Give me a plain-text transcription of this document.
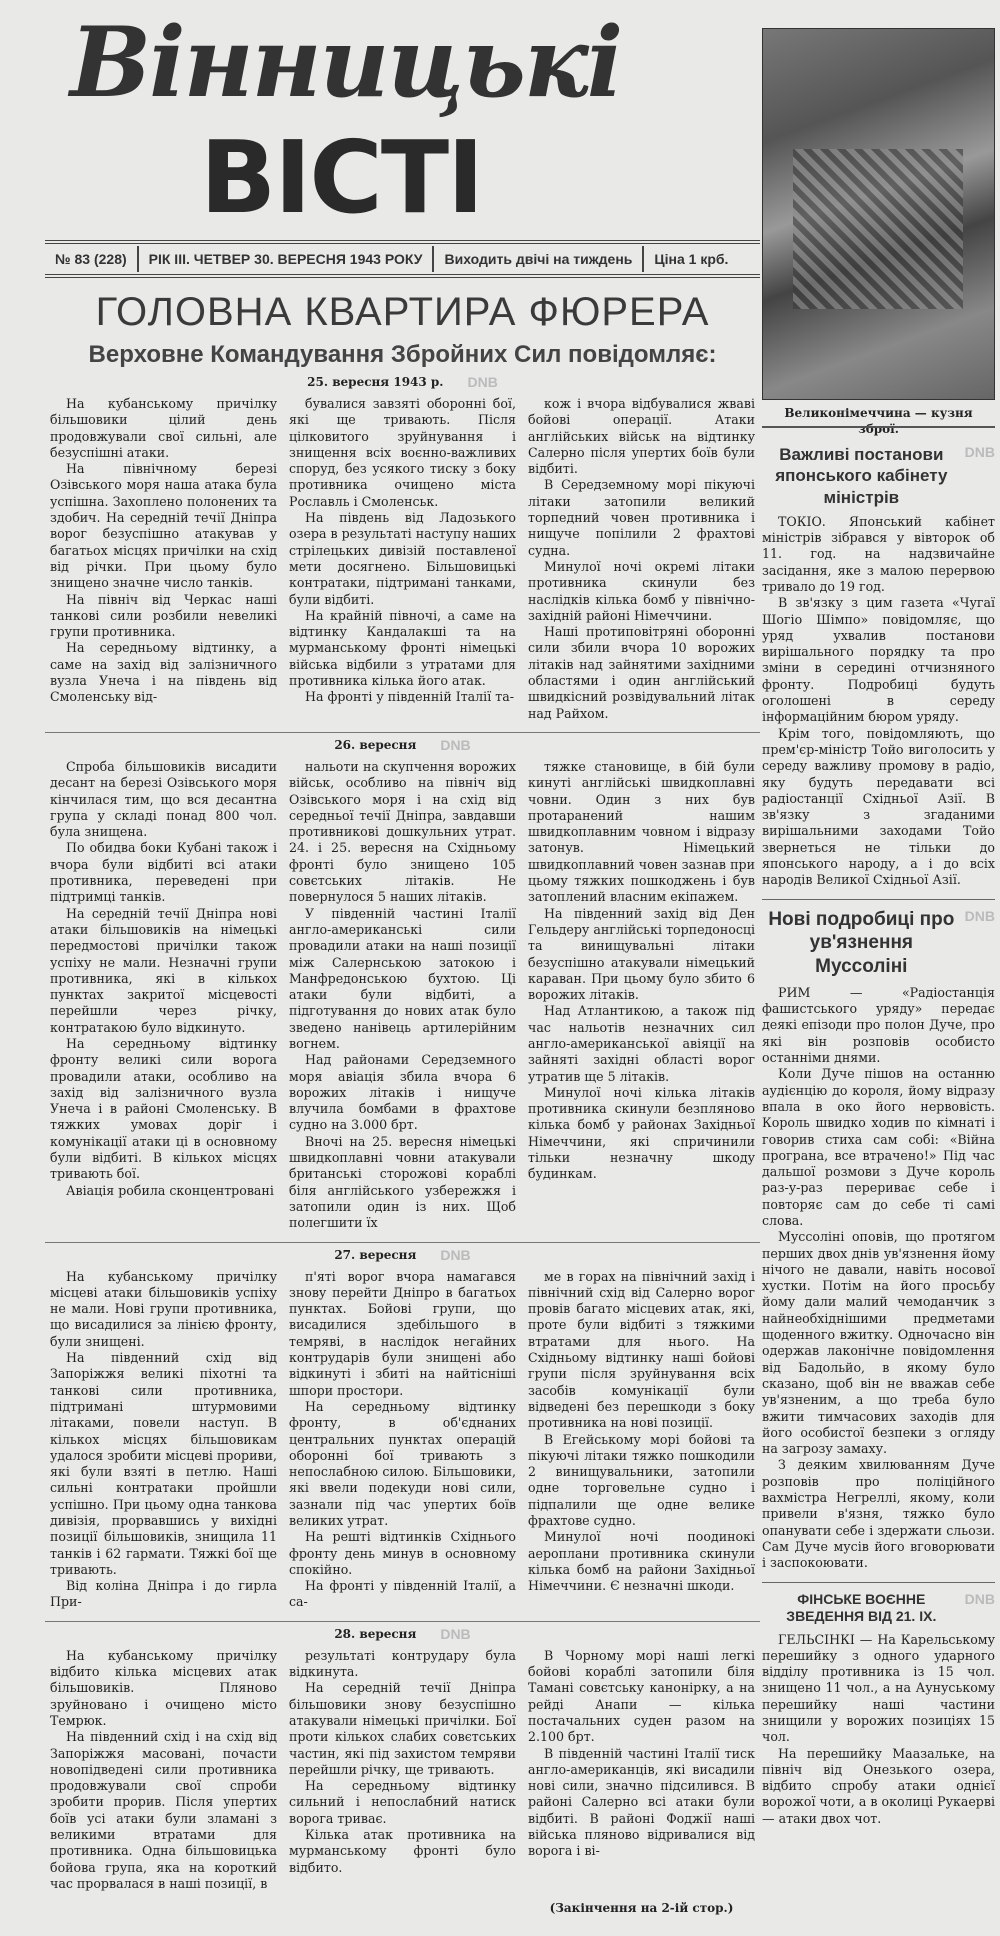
Вінницькі
ВІСТІ
№ 83 (228)	РІК III. ЧЕТВЕР 30. ВЕРЕСНЯ 1943 РОКУ	Виходить двічі на тиждень	Ціна 1 крб.
Великонімеччина — кузня зброї.
ГОЛОВНА КВАРТИРА ФЮРЕРА
Верховне Командування Збройних Сил повідомляє:
25. вересня 1943 р. DNB

На кубанському причілку більшовики цілий день продовжували свої сильні, але безуспішні атаки.

На північному березі Озівського моря наша атака була успішна. Захоплено полонених та здобич. На середній течії Дніпра ворог безуспішно атакував у багатьох місцях причілки на схід від річки. При цьому було знищено значне число танків.

На північ від Черкас наші танкові сили розбили невеликі групи противника.

На середньому відтинку, а саме на захід від залізничного вузла Унеча і на південь від Смоленську від-

бувалися завзяті оборонні бої, які ще тривають. Після цілковитого зруйнування і знищення всіх воєнно-важливих споруд, без усякого тиску з боку противника очищено міста Рославль і Смоленськ.

На південь від Ладозького озера в результаті наступу наших стрілецьких дивізій поставленої мети досягнено. Більшовицькі контратаки, підтримані танками, були відбиті.

На крайній півночі, а саме на відтинку Кандалакші та на мурманському фронті німецькі війська відбили з утратами для противника кілька його атак.

На фронті у південній Італії та-

кож і вчора відбувалися жваві бойові операції. Атаки англійських військ на відтинку Салерно після упертих боїв були відбиті.

В Середземному морі пікуючі літаки затопили великий торпедний човен противника і нищуче попілили 2 фрахтові судна.

Минулої ночі окремі літаки противника скинули без наслідків кілька бомб у північно-західній районі Німеччини.

Наші протиповітряні оборонні сили збили вчора 10 ворожих літаків над зайнятими західними областями і один англійський швидкісний розвідувальний літак над Райхом.

26. вересня DNB

Спроба більшовиків висадити десант на березі Озівського моря кінчилася тим, що вся десантна група у складі понад 800 чол. була знищена.

По обидва боки Кубані також і вчора були відбиті всі атаки противника, переведені при підтримці танків.

На середній течії Дніпра нові атаки більшовиків на німецькі передмостові причілки також успіху не мали. Незначні групи противника, які в кількох пунктах закритої місцевості перейшли через річку, контратакою було відкинуто.

На середньому відтинку фронту великі сили ворога провадили атаки, особливо на захід від залізничного вузла Унеча і в районі Смоленську. В тяжких умовах доріг і комунікації атаки ці в основному були відбиті. В кількох місцях тривають бої.

Авіація робила сконцентровані

нальоти на скупчення ворожих військ, особливо на північ від Озівського моря і на схід від середньої течії Дніпра, завдавши противникові дошкульних утрат. 24. і 25. вересня на Східньому фронті було знищено 105 совєтських літаків. Не повернулося 5 наших літаків.

У південній частині Італії англо-американські сили провадили атаки на наші позиції між Салернською затокою і Манфредонською бухтою. Ці атаки були відбиті, а підготування до нових атак було зведено нанівець артилерійним вогнем.

Над районами Середземного моря авіація збила вчора 6 ворожих літаків і нищуче влучила бомбами в фрахтове судно на 3.000 брт.

Вночі на 25. вересня німецькі швидкоплавні човни атакували британські сторожові кораблі біля англійського узбережжя і затопили один із них. Щоб полегшити їх

тяжке становище, в бій були кинуті англійські швидкоплавні човни. Один з них був протаранений нашим швидкоплавним човном і відразу затонув. Німецький швидкоплавний човен зазнав при цьому тяжких пошкоджень і був затоплений власним екіпажем.

На південний захід від Ден Гельдеру англійські торпедоносці та винищувальні літаки безуспішно атакували німецький караван. При цьому було збито 6 ворожих літаків.

Над Атлантикою, а також під час нальотів незначних сил англо-американської авіяції на зайняті західні області ворог утратив ще 5 літаків.

Минулої ночі кілька літаків противника скинули безпляново кілька бомб у районах Західньої Німеччини, які спричинили тільки незначну шкоду будинкам.

27. вересня DNB

На кубанському причілку місцеві атаки більшовиків успіху не мали. Нові групи противника, що висадилися за лінією фронту, були знищені.

На південний схід від Запоріжжя великі піхотні та танкові сили противника, підтримані штурмовими літаками, повели наступ. В кількох місцях більшовикам удалося зробити місцеві прориви, які були взяті в петлю. Наші сильні контратаки пройшли успішно. При цьому одна танкова дивізія, прорвавшись у вихідні позиції більшовиків, знищила 11 танків і 62 гармати. Тяжкі бої ще тривають.

Від коліна Дніпра і до гирла При-

п'яті ворог вчора намагався знову перейти Дніпро в багатьох пунктах. Бойові групи, що висадилися здебільшого в темряві, в наслідок негайних контрударів були знищені або відкинуті і збиті на найтісніші шпори простори.

На середньому відтинку фронту, в об'єднаних центральних пунктах операцій оборонні бої тривають з непослабною силою. Більшовики, які ввели подекуди нові сили, зазнали під час упертих боїв великих утрат.

На решті відтинків Східнього фронту день минув в основному спокійно.

На фронті у південній Італії, а са-

ме в горах на північний захід і північний схід від Салерно ворог провів багато місцевих атак, які, проте були відбиті з тяжкими втратами для нього. На Східньому відтинку наші бойові групи після зруйнування всіх засобів комунікації були відведені без перешкоди з боку противника на нові позиції.

В Егейському морі бойові та пікуючі літаки тяжко пошкодили 2 винищувальники, затопили одне торговельне судно і підпалили ще одне велике фрахтове судно.

Минулої ночі поодинокі аероплани противника скинули кілька бомб на райони Західньої Німеччини. Є незначні шкоди.

28. вересня DNB

На кубанському причілку відбито кілька місцевих атак більшовиків. Пляново зруйновано і очищено місто Темрюк.

На південний схід і на схід від Запоріжжя масовані, почасти новопідведені сили противника продовжували свої спроби зробити прорив. Після упертих боїв усі атаки були зламані з великими втратами для противника. Одна більшовицька бойова група, яка на короткий час прорвалася в наші позиції, в

результаті контрудару була відкинута.

На середній течії Дніпра більшовики знову безуспішно атакували німецькі причілки. Бої проти кількох слабих совєтських частин, які під захистом темряви перейшли річку, ще тривають.

На середньому відтинку сильний і непослабний натиск ворога триває.

Кілька атак противника на мурманському фронті було відбито.

В Чорному морі наші легкі бойові кораблі затопили біля Тамані совєтську канонірку, а на рейді Анапи — кілька постачальних суден разом на 2.100 брт.

В південній частині Італії тиск англо-американців, які висадили нові сили, значно підсилився. В районі Салерно всі атаки були відбиті. В районі Фоджії наші війська пляново відривалися від ворога і ві-

(Закінчення на 2-ій стор.)
Важливі постанови японського кабінету міністрів
DNB

ТОКІО. Японський кабінет міністрів зібрався у вівторок об 11. год. на надзвичайне засідання, яке з малою перервою тривало до 19 год.

В зв'язку з цим газета «Чугаї Шогіо Шімпо» повідомляє, що уряд ухвалив постанови вирішального порядку та про зміни в середині отчизняного фронту. Подробиці будуть оголошені в середу інформаційним бюром уряду.

Крім того, повідомляють, що прем'єр-міністр Тойо виголосить у середу важливу промову в радіо, яку будуть передавати всі радіостанції Східньої Азії. В зв'язку з згаданими вирішальними заходами Тойо звернеться не тільки до японського народу, а і до всіх народів Великої Східньої Азії.

Нові подробиці про ув'язнення Муссоліні
DNB

РИМ — «Радіостанція фашистського уряду» передає деякі епізоди про полон Дуче, про які він розповів особисто останніми днями.

Коли Дуче пішов на останню аудієнцію до короля, йому відразу впала в око його нервовість. Король швидко ходив по кімнаті і говорив стиха сам собі: «Війна програна, все втрачено!» Під час дальшої розмови з Дуче король раз-у-раз перериває себе і повторяє сам до себе ті самі слова.

Муссоліні оповів, що протягом перших двох днів ув'язнення йому нічого не давали, навіть носової хустки. Потім на його просьбу йому дали малий чемоданчик з найнеобхіднішими предметами щоденного вжитку. Одночасно він одержав лаконічне повідомлення від Бадольйо, в якому було сказано, щоб він не вважав себе ув'язненим, а що треба було вжити тимчасових заходів для його особистої безпеки з огляду на загрозу замаху.

З деяким хвилюванням Дуче розповів про поліційного вахмістра Негреллі, якому, коли привели в'язня, тяжко було опанувати себе і здержати сльози. Сам Дуче мусів його вговорювати і заспокоювати.

ФІНСЬКЕ ВОЄННЕ ЗВЕДЕННЯ ВІД 21. ІХ.
DNB

ГЕЛЬСІНКІ — На Карельському перешийку з одного ударного відділу противника із 15 чол. знищено 11 чол., а на Аунуському перешийку наші частини знищили у ворожих позиціях 15 чол.

На перешийку Маазальке, на північ від Онезького озера, відбито спробу атаки однієї ворожої чоти, а в околиці Рукаерві — атаки двох чот.
